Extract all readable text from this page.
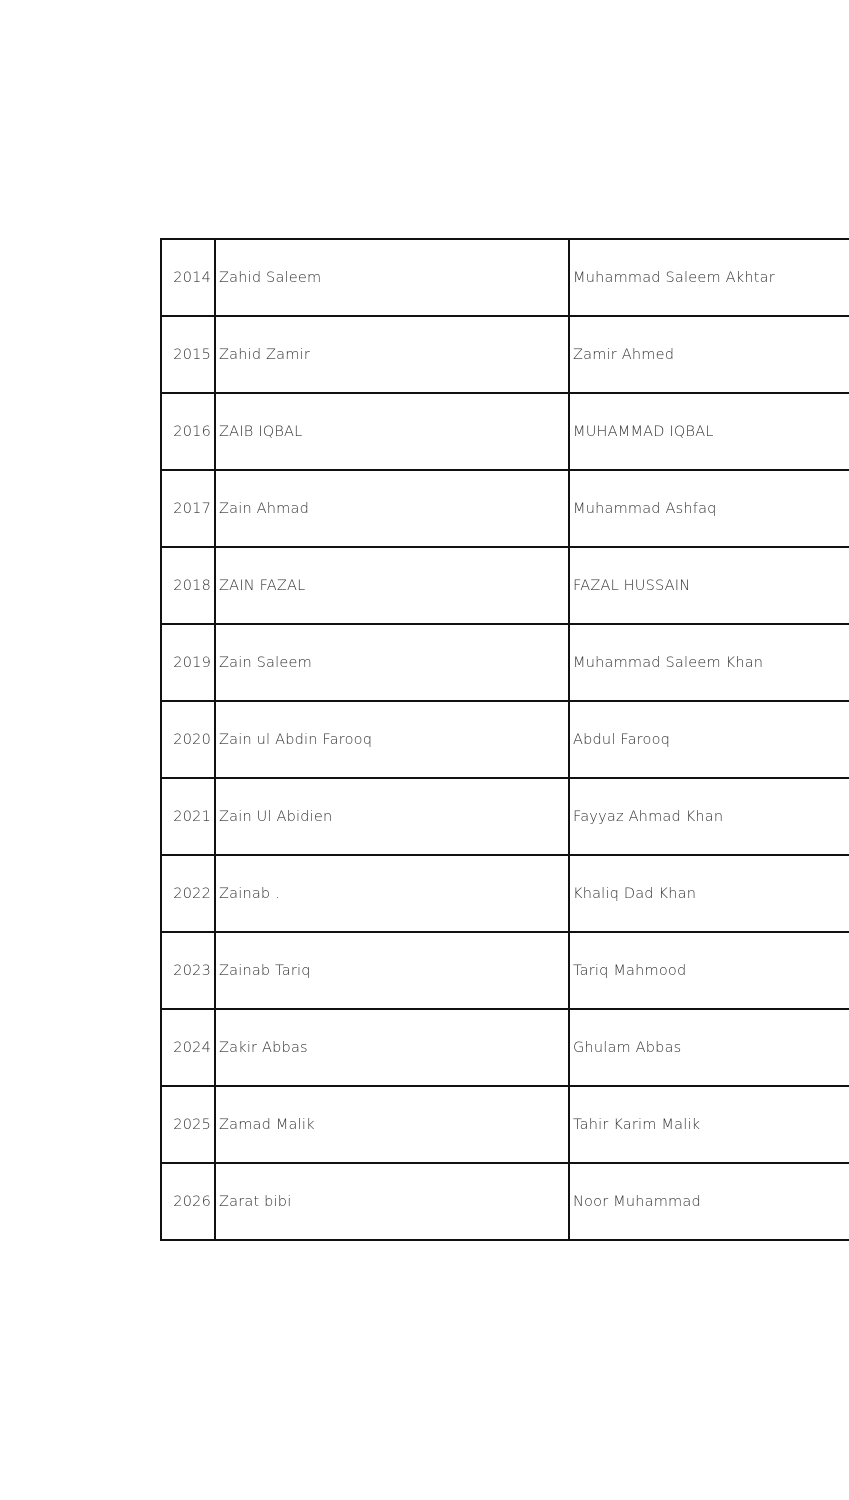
2014	Zahid Saleem	Muhammad Saleem Akhtar
2015	Zahid Zamir	Zamir Ahmed
2016	ZAIB IQBAL	MUHAMMAD IQBAL
2017	Zain Ahmad	Muhammad Ashfaq
2018	ZAIN FAZAL	FAZAL HUSSAIN
2019	Zain Saleem	Muhammad Saleem Khan
2020	Zain ul Abdin Farooq	Abdul Farooq
2021	Zain Ul Abidien	Fayyaz Ahmad Khan
2022	Zainab .	Khaliq Dad Khan
2023	Zainab Tariq	Tariq Mahmood
2024	Zakir Abbas	Ghulam Abbas
2025	Zamad Malik	Tahir Karim Malik
2026	Zarat bibi	Noor Muhammad
